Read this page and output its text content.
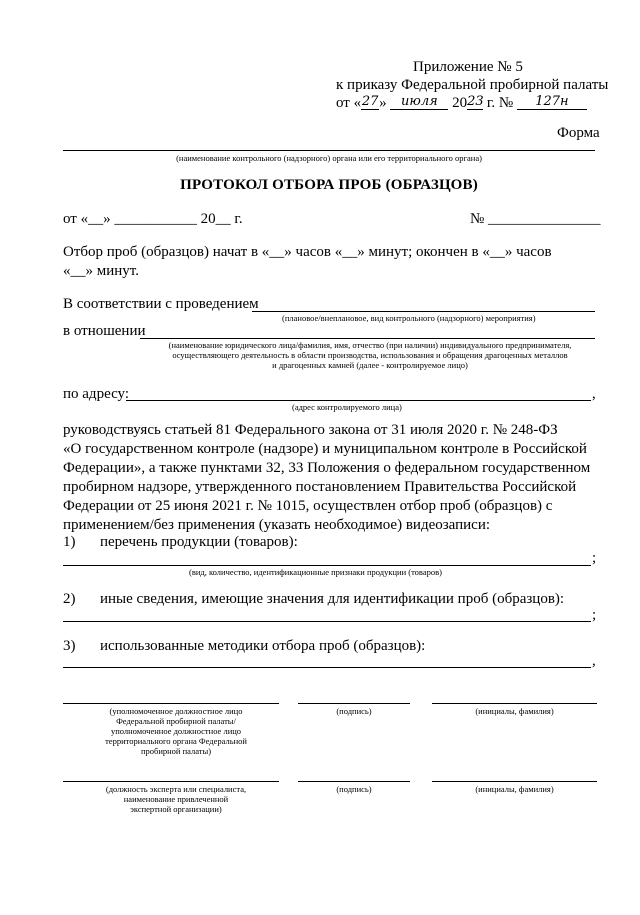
Приложение № 5
к приказу Федеральной пробирной палаты
от «27» июля 2023 г. № 127н
Форма
(наименование контрольного (надзорного) органа или его территориального органа)
ПРОТОКОЛ ОТБОРА ПРОБ (ОБРАЗЦОВ)
от «__» ___________ 20__ г.	№ _______________
Отбор проб (образцов) начат в «__» часов «__» минут; окончен в «__» часов
«__» минут.
В соответствии с проведением
(плановое/внеплановое, вид контрольного (надзорного) мероприятия)
в отношении
(наименование юридического лица/фамилия, имя, отчество (при наличии) индивидуального предпринимателя,
осуществляющего деятельность в области производства, использования и обращения драгоценных металлов
и драгоценных камней (далее - контролируемое лицо)
по адресу:	,
(адрес контролируемого лица)
руководствуясь статьей 81 Федерального закона от 31 июля 2020 г. № 248-ФЗ
«О государственном контроле (надзоре) и муниципальном контроле в Российской
Федерации», а также пунктами 32, 33 Положения о федеральном государственном
пробирном надзоре, утвержденного постановлением Правительства Российской
Федерации от 25 июня 2021 г. № 1015, осуществлен отбор проб (образцов) с
применением/без применения (указать необходимое) видеозаписи:
1) перечень продукции (товаров):
;
(вид, количество, идентификационные признаки продукции (товаров)
2) иные сведения, имеющие значения для идентификации проб (образцов):
;
3) использованные методики отбора проб (образцов):
,
(уполномоченное должностное лицо
Федеральной пробирной палаты/
уполномоченное должностное лицо
территориального органа Федеральной
пробирной палаты)
(подпись)	(инициалы, фамилия)
(должность эксперта или специалиста,
наименование привлеченной
экспертной организации)
(подпись)	(инициалы, фамилия)
